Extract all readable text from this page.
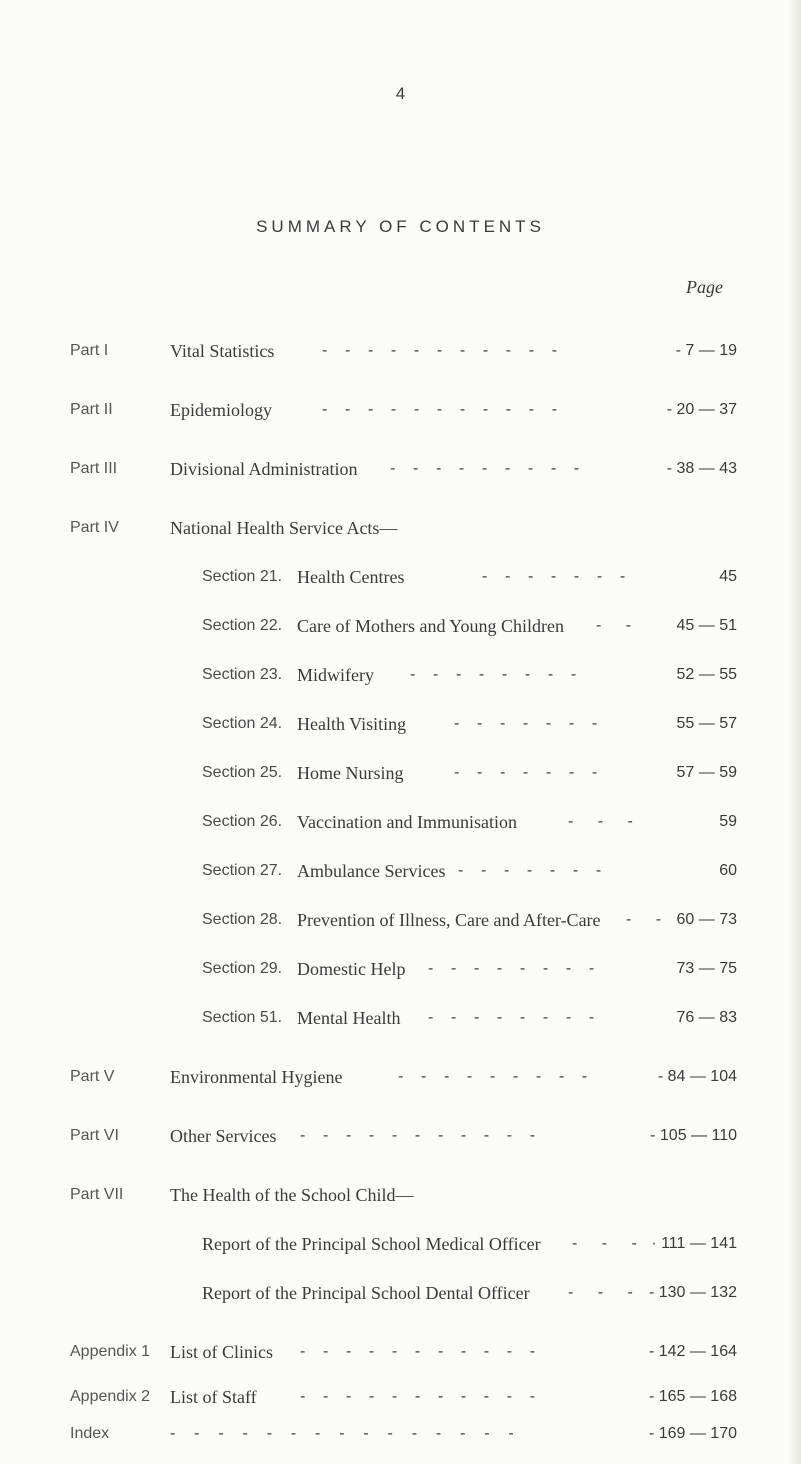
4
SUMMARY OF CONTENTS
Page
Part I	Vital Statistics	- - - - - - - - - - -	- 7 — 19
Part II	Epidemiology	- - - - - - - - - - -	- 20 — 37
Part III	Divisional Administration - - - - - - - - -	- 38 — 43
Part IV	National Health Service Acts—
Section 21. Health Centres	- - - - - - -	45
Section 22. Care of Mothers and Young Children - - 45 — 51
Section 23. Midwifery - - - - - - - -	52 — 55
Section 24. Health Visiting	- - - - - - -	55 — 57
Section 25. Home Nursing	- - - - - - -	57 — 59
Section 26. Vaccination and Immunisation	- - -	59
Section 27. Ambulance Services - - - - - - -	60
Section 28. Prevention of Illness, Care and After-Care - - 60 — 73
Section 29. Domestic Help - - - - - - - -	73 — 75
Section 51. Mental Health - - - - - - - -	76 — 83
Part V	Environmental Hygiene	- - - - - - - - -	- 84 — 104
Part VI	Other Services - - - - - - - - - - -	- 105 — 110
Part VII	The Health of the School Child—
Report of the Principal School Medical Officer - - - · 111 — 141
Report of the Principal School Dental Officer - - - - 130 — 132
Appendix 1 List of Clinics - - - - - - - - - - -	- 142 — 164
Appendix 2 List of Staff	- - - - - - - - - - -	- 165 — 168
Index	- - - - - - - - - - - - - - -	- 169 — 170
